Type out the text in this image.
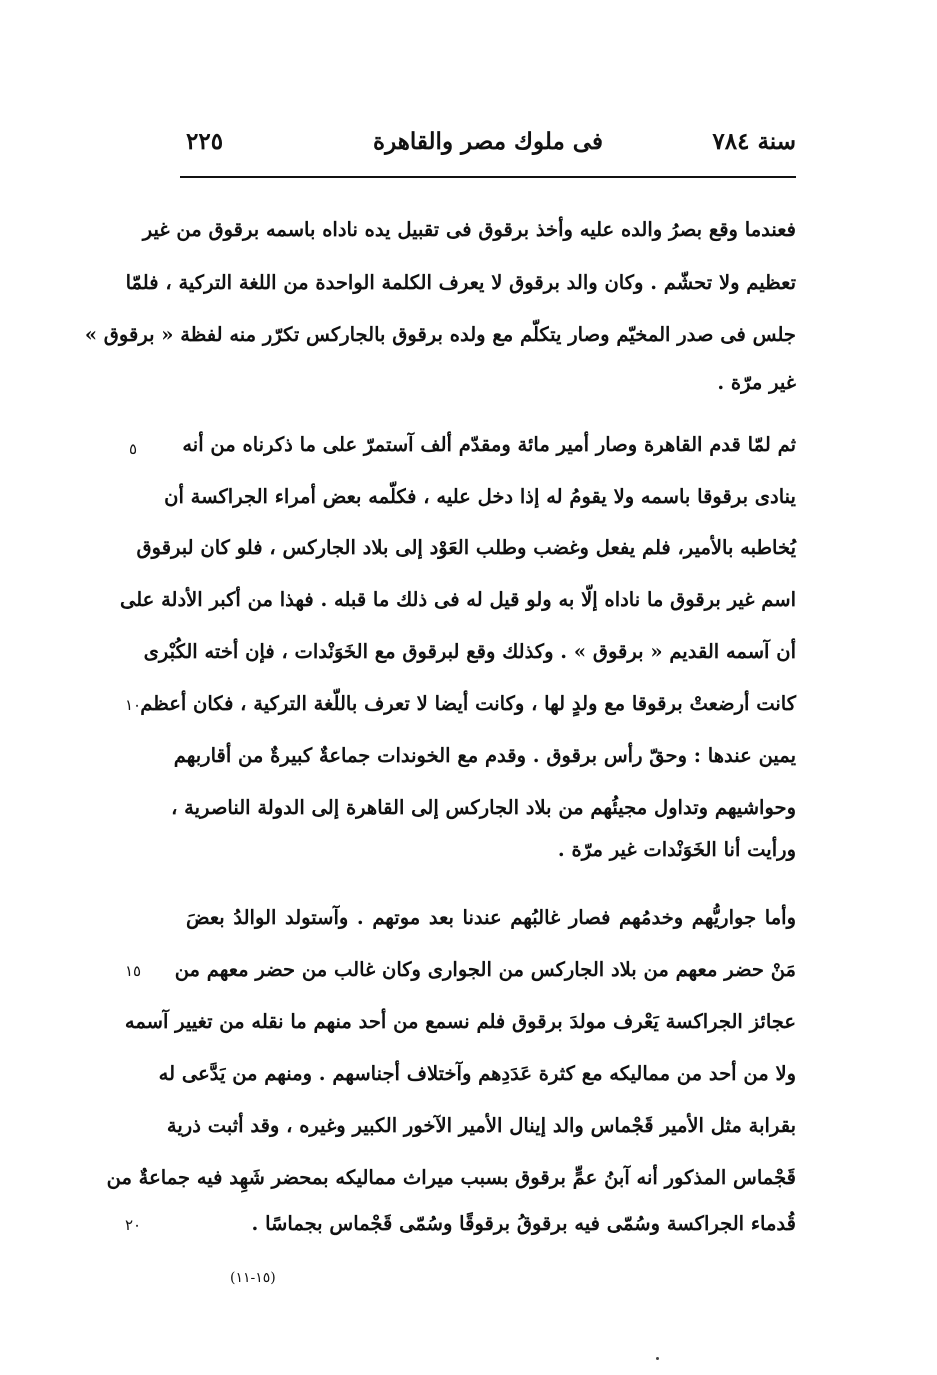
سنة ٧٨٤
فى ملوك مصر والقاهرة
٢٢٥
فعندما وقع بصرُ والده عليه وأخذ برقوق فى تقبيل يده ناداه باسمه برقوق من غير
تعظيم ولا تحشّم . وكان والد برقوق لا يعرف الكلمة الواحدة من اللغة التركية ، فلمّا
جلس فى صدر المخيّم وصار يتكلّم مع ولده برقوق بالجاركس تكرّر منه لفظة « برقوق »
غير مرّة .
ثم لمّا قدم القاهرة وصار أمير مائة ومقدّم ألف آستمرّ على ما ذكرناه من أنه
ينادى برقوقا باسمه ولا يقومُ له إذا دخل عليه ، فكلّمه بعض أمراء الجراكسة أن
يُخاطبه بالأمير، فلم يفعل وغضب وطلب العَوْد إلى بلاد الجاركس ، فلو كان لبرقوق
اسم غير برقوق ما ناداه إلّا به ولو قيل له فى ذلك ما قبله . فهذا من أكبر الأدلة على
أن آسمه القديم « برقوق » . وكذلك وقع لبرقوق مع الخَوَنْدات ، فإن أخته الكُبْرى
كانت أرضعتْ برقوقا مع ولدٍ لها ، وكانت أيضا لا تعرف باللّغة التركية ، فكان أعظم
يمين عندها : وحقّ رأس برقوق . وقدم مع الخوندات جماعةٌ كبيرةٌ من أقاربهم
وحواشيهم وتداول مجيئُهم من بلاد الجاركس إلى القاهرة إلى الدولة الناصرية ،
ورأيت أنا الخَوَنْدات غير مرّة .
وأما جواريُّهم وخدمُهم فصار غالبُهم عندنا بعد موتهم . وآستولد الوالدُ بعضَ
مَنْ حضر معهم من بلاد الجاركس من الجوارى وكان غالب من حضر معهم من
عجائز الجراكسة يَعْرف مولدَ برقوق فلم نسمع من أحد منهم ما نقله من تغيير آسمه
ولا من أحد من مماليكه مع كثرة عَدَدِهم وآختلاف أجناسهم . ومنهم من يَدَّعى له
بقرابة مثل الأمير قَجْماس والد إينال الأمير الآخور الكبير وغيره ، وقد أثبت ذرية
قَجْماس المذكور أنه آبنُ عمٍّ برقوق بسبب ميراث مماليكه بمحضر شَهِد فيه جماعةٌ من
قُدماء الجراكسة وسُمّى فيه برقوقُ برقوقًا وسُمّى قَجْماس بجماسًا .
٥
١٠
١٥
٢٠
(١٥-١١)
